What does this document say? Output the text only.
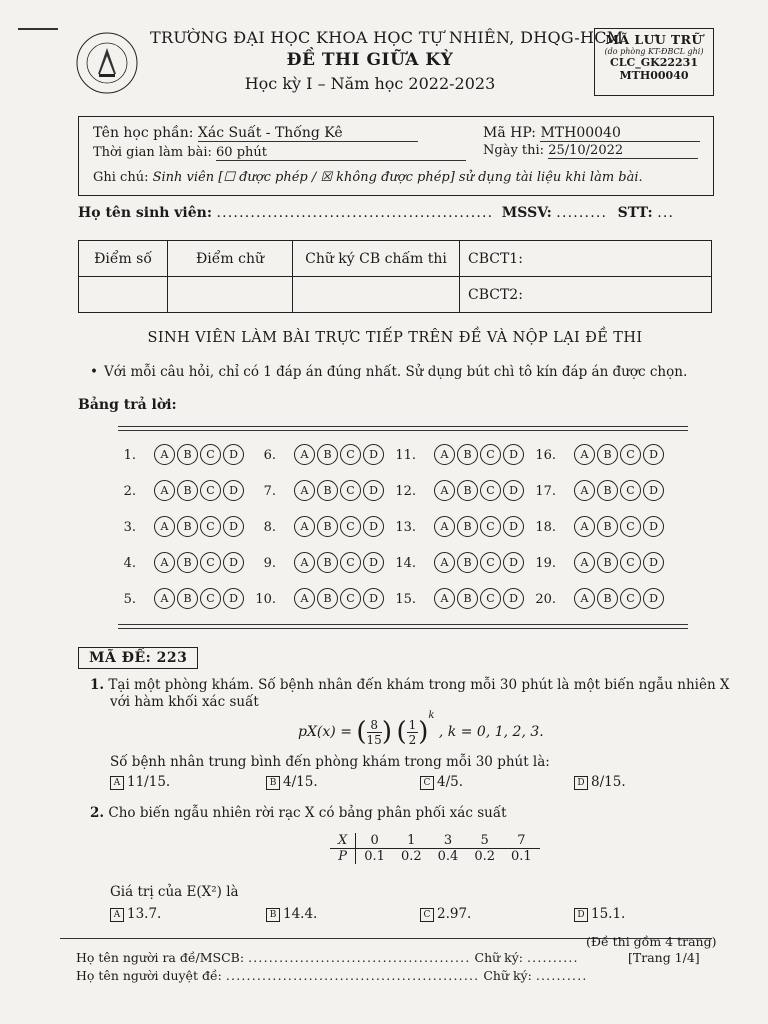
TRƯỜNG ĐẠI HỌC KHOA HỌC TỰ NHIÊN, DHQG-HCM
ĐỀ THI GIỮA KỲ
Học kỳ I – Năm học 2022-2023
MÃ LƯU TRỮ
(do phòng KT-ĐBCL ghi)
CLC_GK22231
MTH00040
Tên học phần: Xác Suất - Thống Kê	Mã HP: MTH00040
Thời gian làm bài: 60 phút	Ngày thi: 25/10/2022
Ghi chú: Sinh viên [☐ được phép / ☒ không được phép] sử dụng tài liệu khi làm bài.
Họ tên sinh viên: ................................................. MSSV: ......... STT: ...
Điểm số	Điểm chữ	Chữ ký CB chấm thi	CBCT1:
			CBCT2:
SINH VIÊN LÀM BÀI TRỰC TIẾP TRÊN ĐỀ VÀ NỘP LẠI ĐỀ THI
• Với mỗi câu hỏi, chỉ có 1 đáp án đúng nhất. Sử dụng bút chì tô kín đáp án được chọn.
Bảng trả lời:
1.	A	B	C	D	6.	A	B	C	D	11.	A	B	C	D	16.	A	B	C	D
2.	A	B	C	D	7.	A	B	C	D	12.	A	B	C	D	17.	A	B	C	D
3.	A	B	C	D	8.	A	B	C	D	13.	A	B	C	D	18.	A	B	C	D
4.	A	B	C	D	9.	A	B	C	D	14.	A	B	C	D	19.	A	B	C	D
5.	A	B	C	D	10.	A	B	C	D	15.	A	B	C	D	20.	A	B	C	D
MÃ ĐỀ: 223
1. Tại một phòng khám. Số bệnh nhân đến khám trong mỗi 30 phút là một biến ngẫu nhiên X
với hàm khối xác suất
pX(x) = ( $\frac{8}{15}$ ) ( $\frac{1}{2} )^k$ , k = 0, 1, 2, 3.
Số bệnh nhân trung bình đến phòng khám trong mỗi 30 phút là:
A 11/15.	B 4/15.	C 4/5.	D 8/15.
2. Cho biến ngẫu nhiên rời rạc X có bảng phân phối xác suất
X	0	1	3	5	7
P	0.1	0.2	0.4	0.2	0.1
Giá trị của E(X²) là
A 13.7.	B 14.4.	C 2.97.	D 15.1.
(Đề thi gồm 4 trang)
Họ tên người ra đề/MSCB: ........................................... Chữ ký: ..........	[Trang 1/4]
Họ tên người duyệt đề: ................................................. Chữ ký: ..........
